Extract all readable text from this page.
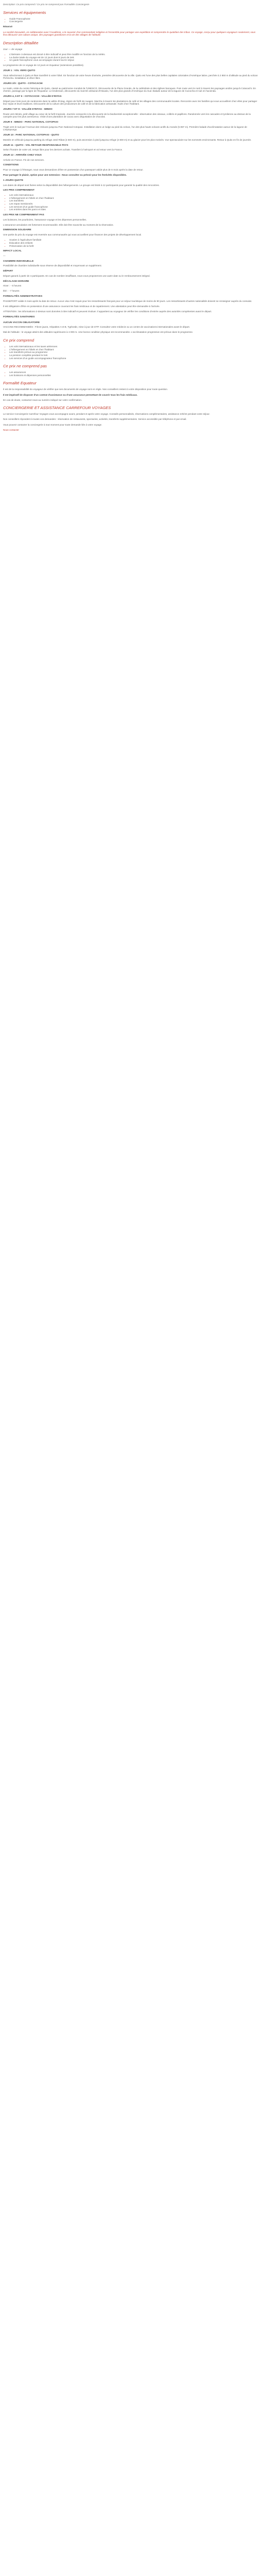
Description: Ce prix comprend / Ce prix ne comprend pas Formalités Conciergerie

Services et équipements
• Guide Francophone
• Conciergerie

Réservé

La société Desautels, en collaboration avec l'Académie, a le souvenir d'un commandant indigène et l'ensemble pour partager une expédition et comprendre le quotidien des tribus. Ce voyage, conçu pour quelques voyageurs seulement, vous fera découvrir une culture unique, des paysages grandioses et la vie des villages de l'altitude.

Description détaillée

Jour — de voyage

• L'itinéraire ci-dessous est donné à titre indicatif et peut être modifié en fonction de la météo.
• La durée totale du voyage est de 12 jours dont 8 jours de trek.
• Un guide francophone vous accompagne durant tout le séjour.

Le programme de ce voyage de 12 jours en Equateur (extensions possibles).

JOUR 1 : VOL VERS QUITO

Vous sélectionnez à Quito et êtes transféré à votre hôtel. En fonction de votre heure d'arrivée, première découverte de la ville. Quito est l'une des plus belles capitales coloniales d'Amérique latine, perchée à 2 850 m d'altitude au pied du volcan Pichincha. Installation et dîner libre.

JOURS 2/3 : QUITO - COTACACHI

Le matin, visite du centre historique de Quito, classé au patrimoine mondial de l'UNESCO. Découverte de la Plaza Grande, de la cathédrale et des églises baroques. Puis route vers le nord à travers les paysages andins jusqu'à Cotacachi. En chemin, passage par la ligne de l'Équateur. Le lendemain, découverte du marché artisanal d'Otavalo, l'un des plus grands d'Amérique du Sud. Balade autour de la lagune de Cuicocha et nuit en hacienda.

JOURS 4, 5 ET 6 : COTACACHI - VALLÉE D'INTAG

Départ pour trois jours de randonnée dans la vallée d'Intag, région de forêt de nuages. Marche à travers les plantations de café et les villages des communautés locales. Rencontre avec les familles qui vous accueillent chez elles pour partager leur repas et leurs traditions. Découverte de la culture des producteurs de café et de la fabrication artisanale. Nuits chez l'habitant.

JOURS 7 ET 8 : VALLÉE D'INTAG - MINDO

Route vers Mindo, petit village au cœur de la forêt tropicale. Journée consacrée à la découverte de la biodiversité exceptionnelle : observation des oiseaux, colibris et papillons. Randonnée vers les cascades et tyrolienne au-dessus de la canopée pour les plus aventureux. Visite d'une plantation de cacao avec dégustation de chocolat.

JOUR 9 : MINDO - PARC NATIONAL COTOPAXI

Trajet vers le sud par l'Avenue des Volcans jusqu'au Parc National Cotopaxi. Installation dans un lodge au pied du volcan, l'un des plus hauts volcans actifs du monde (5 897 m). Première balade d'acclimatation autour de la lagune de Limpiopungo.

JOUR 10 : PARC NATIONAL COTOPAXI - QUITO

Montée en véhicule jusqu'au parking du refuge José Ribas (4 500 m), puis ascension à pied jusqu'au refuge (4 800 m) et au glacier pour les plus motivés. Vue spectaculaire sur les sommets environnants. Retour à Quito en fin de journée.

JOUR 11 : QUITO - VOL RETOUR RESPONSABLE PAYS

Selon l'horaire de votre vol, temps libre pour les derniers achats. Transfert à l'aéroport et vol retour vers la France.

JOUR 12 : ARRIVÉE CHEZ VOUS

Arrivée en France. Fin de nos services.

CONDITIONS

Pour ce voyage à l'étranger, nous vous demandons d'être en possession d'un passeport valide plus de 6 mois après la date de retour.

Pour partager le plaisir, option pour une extension : Nous consulter ou prévoir pour les festivités disponibles.

1 JOURS QUOTE

Les dates de départ sont fixées selon la disponibilité des hébergements. Le groupe est limité à 12 participants pour garantir la qualité des rencontres.

LES PRIX COMPRENNENT
• Les vols internationaux
• L'hébergement en hôtels et chez l'habitant
• Les transferts
• Les repas mentionnés
• Les services d'un guide francophone
• Les entrées dans les parcs et sites
LES PRIX NE COMPRENNENT PAS

Les boissons, les pourboires, l'assurance voyage et les dépenses personnelles.

L'assurance annulation est fortement recommandée. Elle doit être souscrite au moment de la réservation.

DIMENSION SOLIDAIRE

Une partie du prix du voyage est reversée aux communautés qui vous accueillent pour financer des projets de développement local.

• Soutien à l'agriculture familiale
• Éducation des enfants
• Préservation de la forêt
IMPACT LOCAL

—

CHAMBRE INDIVIDUELLE

Possibilité de chambre individuelle sous réserve de disponibilité et moyennant un supplément.

DÉPART

Départ garanti à partir de 4 participants. En cas de nombre insuffisant, nous vous proposerons une autre date ou le remboursement intégral.

DÉCALAGE HORAIRE

Hiver : - 6 heures

Été : - 7 heures

FORMALITÉS ADMINISTRATIVES

PASSEPORT valide 6 mois après la date de retour. Aucun visa n'est requis pour les ressortissants français pour un séjour touristique de moins de 90 jours. Les ressortissants d'autres nationalités doivent se renseigner auprès du consulat.

Il est obligatoire d'être en possession d'une assurance couvrant les frais médicaux et de rapatriement. Une attestation peut être demandée à l'arrivée.

ATTENTION : les informations ci-dessus sont données à titre indicatif et peuvent évoluer. Il appartient au voyageur de vérifier les conditions d'entrée auprès des autorités compétentes avant le départ.

FORMALITÉS SANITAIRES
AUCUN VACCIN OBLIGATOIRE

VACCINS RECOMMANDÉS : Fièvre jaune, Hépatites A et B, Typhoïde, mise à jour de DTP. Consultez votre médecin ou un centre de vaccinations internationales avant le départ.

Mal de l'altitude : le voyage atteint des altitudes supérieures à 4 000 m. Une bonne condition physique est recommandée. L'acclimatation progressive est prévue dans le programme.

Ce prix comprend
• Les vols internationaux et les taxes aériennes
• L'hébergement en hôtels et chez l'habitant
• Les transferts prévus au programme
• La pension complète pendant le trek
• Les services d'un guide accompagnateur francophone
Ce prix ne comprend pas
• Les assurances
• Les boissons et dépenses personnelles
Formalité Equateur

Il est de la responsabilité du voyageur de vérifier que ses documents de voyage sont en règle. Nos conseillers restent à votre disposition pour toute question.

Il est impératif de disposer d'un contrat d'assistance ou d'une assurance permettant de couvrir tous les frais médicaux.

En cas de doute, contactez-nous au numéro indiqué sur votre confirmation.

CONCIERGERIE ET ASSISTANCE CARREFOUR VOYAGES

Le service Conciergerie Carrefour Voyages vous accompagne avant, pendant et après votre voyage. Conseils personnalisés, réservations complémentaires, assistance 24h/24 pendant votre séjour.

Nos conseillers répondent à toutes vos demandes : réservation de restaurants, spectacles, activités, transferts supplémentaires. Service accessible par téléphone et par email.

Vous pouvez contacter la conciergerie à tout moment pour toute demande liée à votre voyage.

Nous contacter
